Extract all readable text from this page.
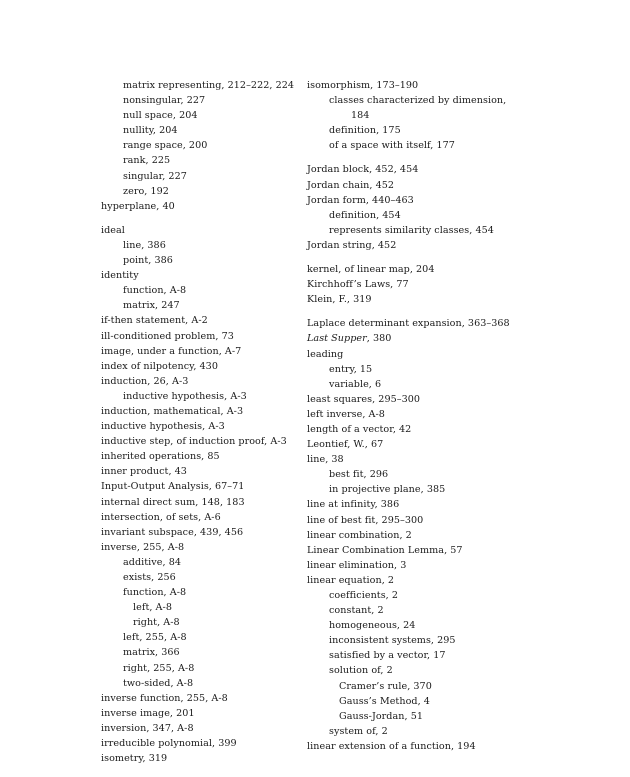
matrix representing, 212–222, 224
nonsingular, 227
null space, 204
nullity, 204
range space, 200
rank, 225
singular, 227
zero, 192
hyperplane, 40
ideal
line, 386
point, 386
identity
function, A-8
matrix, 247
if-then statement, A-2
ill-conditioned problem, 73
image, under a function, A-7
index of nilpotency, 430
induction, 26, A-3
inductive hypothesis, A-3
induction, mathematical, A-3
inductive hypothesis, A-3
inductive step, of induction proof, A-3
inherited operations, 85
inner product, 43
Input-Output Analysis, 67–71
internal direct sum, 148, 183
intersection, of sets, A-6
invariant subspace, 439, 456
inverse, 255, A-8
additive, 84
exists, 256
function, A-8
left, A-8
right, A-8
left, 255, A-8
matrix, 366
right, 255, A-8
two-sided, A-8
inverse function, 255, A-8
inverse image, 201
inversion, 347, A-8
irreducible polynomial, 399
isometry, 319
isomorphism, 173–190
classes characterized by dimension,
184
definition, 175
of a space with itself, 177
Jordan block, 452, 454
Jordan chain, 452
Jordan form, 440–463
definition, 454
represents similarity classes, 454
Jordan string, 452
kernel, of linear map, 204
Kirchhoff’s Laws, 77
Klein, F., 319
Laplace determinant expansion, 363–368
Last Supper, 380
leading
entry, 15
variable, 6
least squares, 295–300
left inverse, A-8
length of a vector, 42
Leontief, W., 67
line, 38
best fit, 296
in projective plane, 385
line at infinity, 386
line of best fit, 295–300
linear combination, 2
Linear Combination Lemma, 57
linear elimination, 3
linear equation, 2
coefficients, 2
constant, 2
homogeneous, 24
inconsistent systems, 295
satisfied by a vector, 17
solution of, 2
Cramer’s rule, 370
Gauss’s Method, 4
Gauss-Jordan, 51
system of, 2
linear extension of a function, 194
